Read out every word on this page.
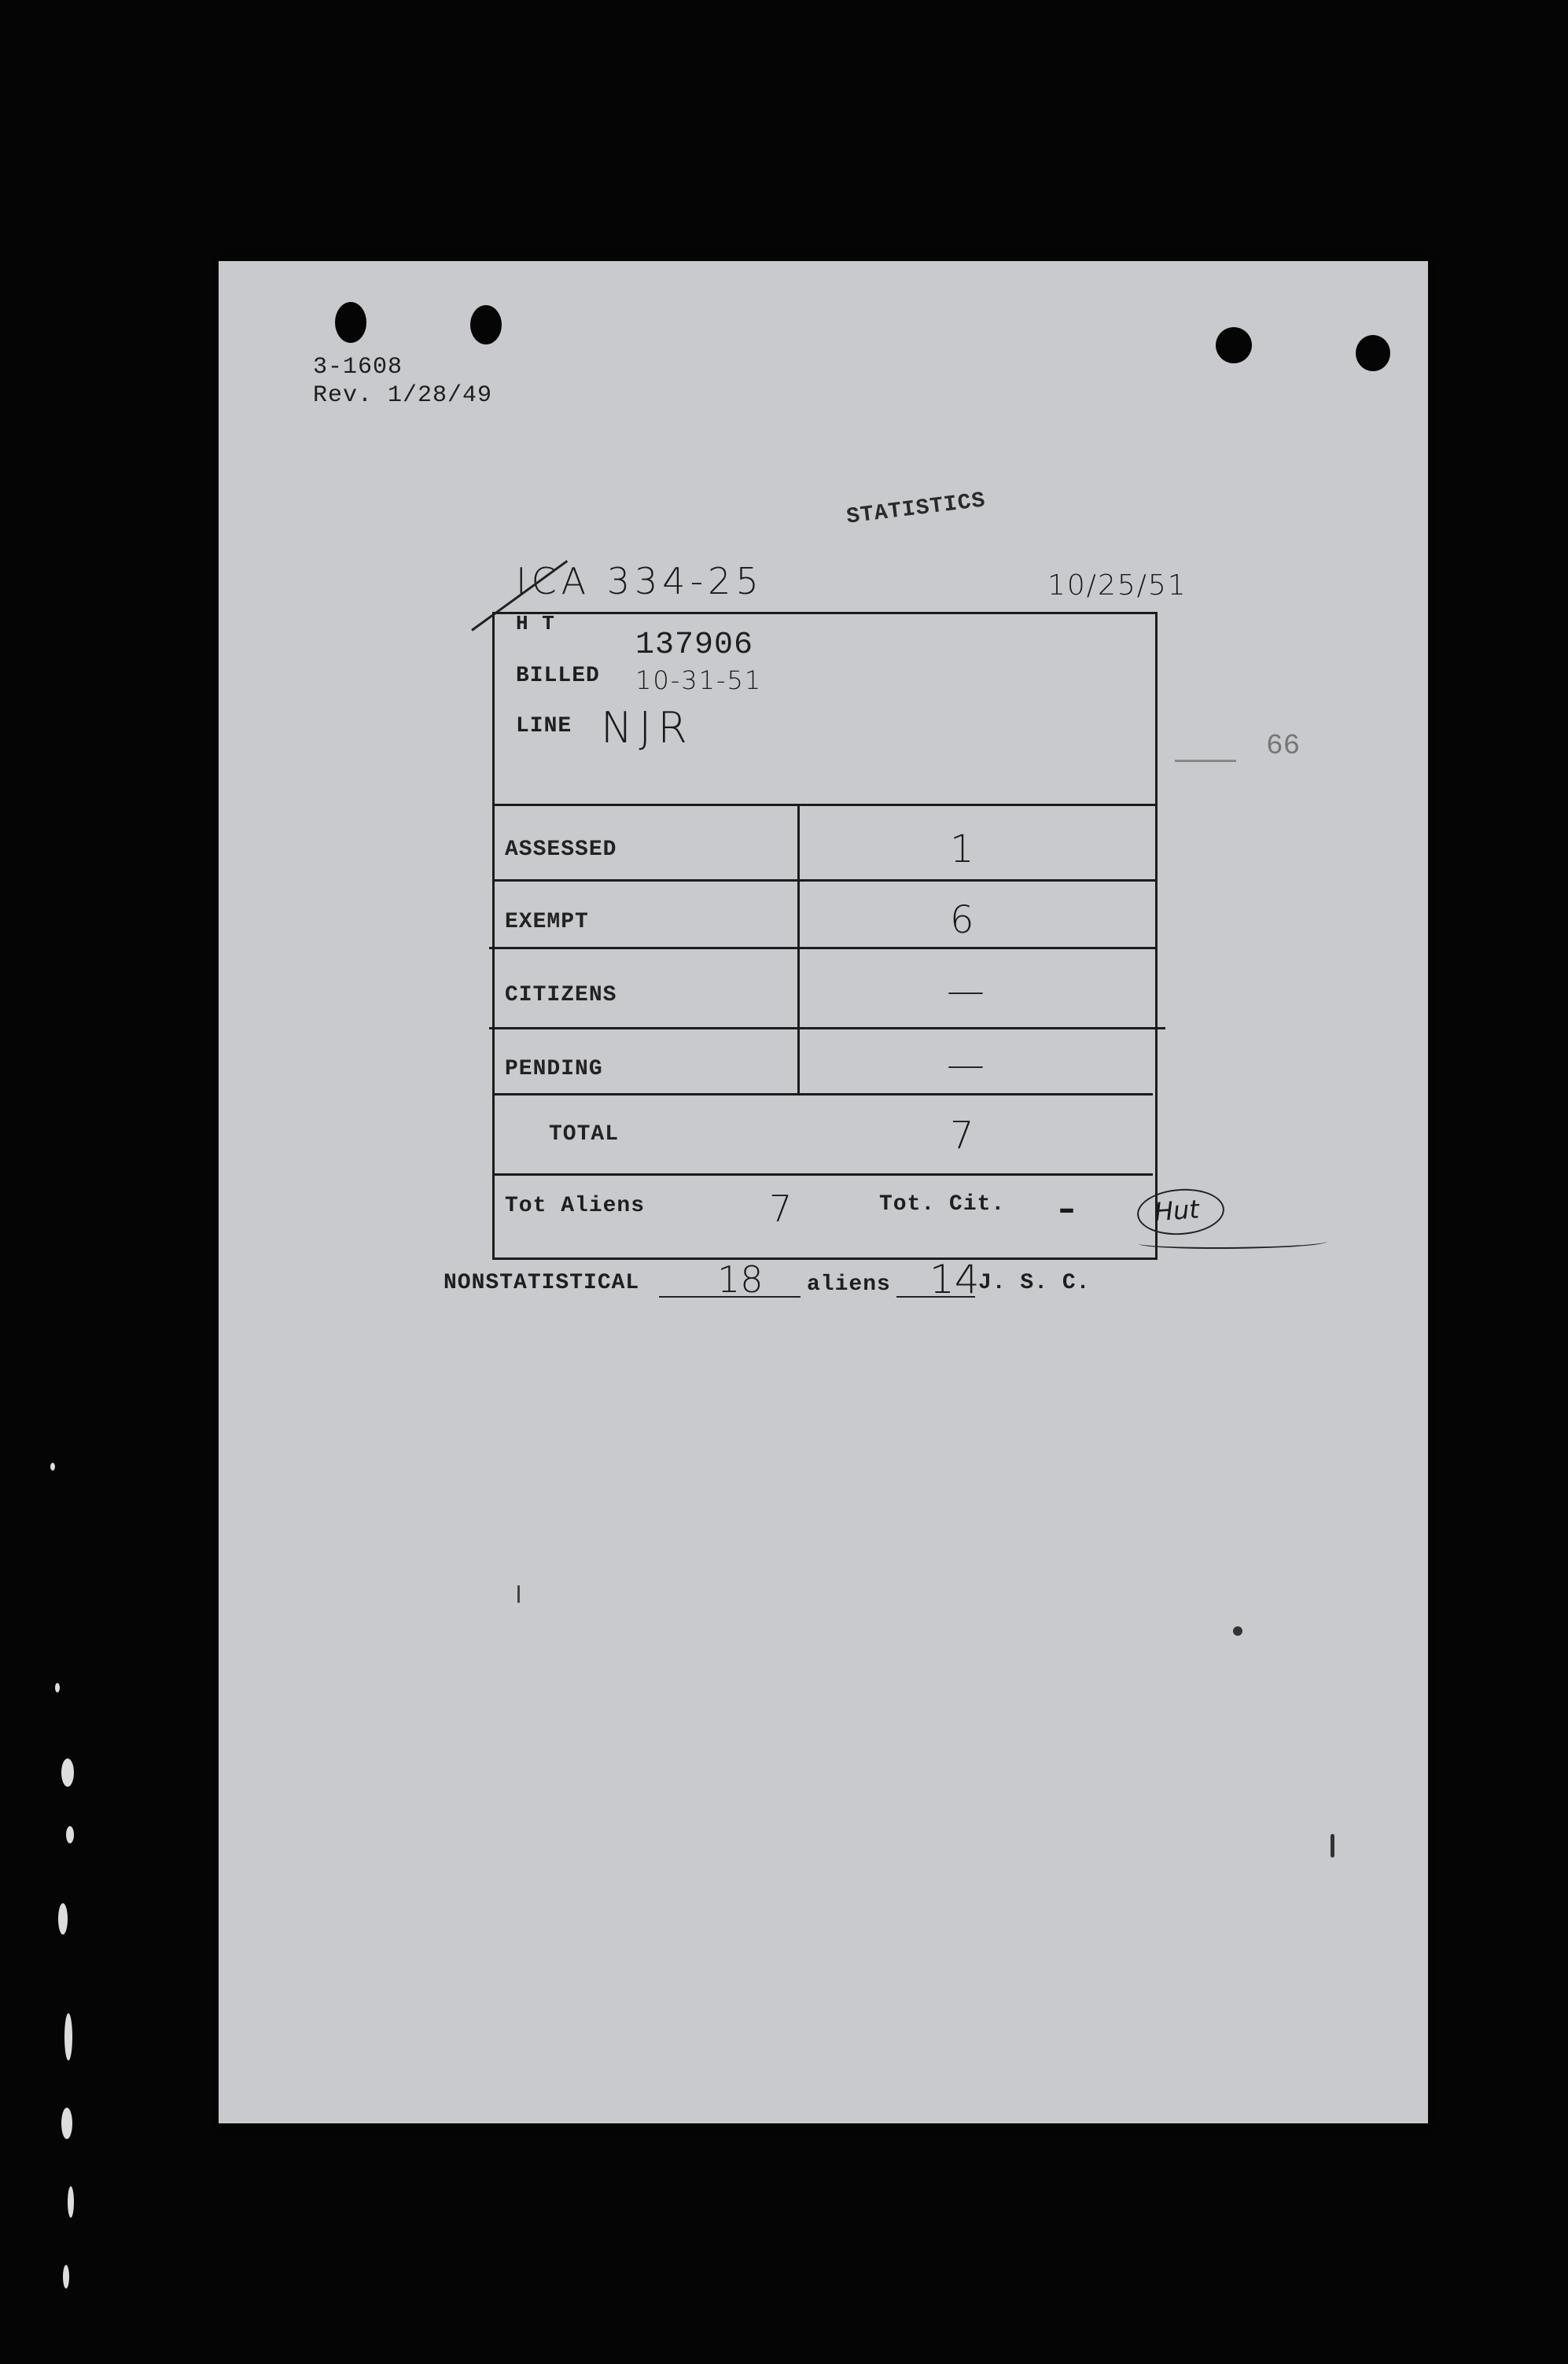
3-1608
Rev. 1/28/49
STATISTICS
ICA 334-25	10/25/51
H T
137906
BILLED 10-31-51
LINE NJR	66
ASSESSED	1
EXEMPT	6
CITIZENS	—
PENDING	—
TOTAL	7
Tot Aliens	7	Tot. Cit. –	Hut
NONSTATISTICAL 18 aliens 14
J. S. C.
